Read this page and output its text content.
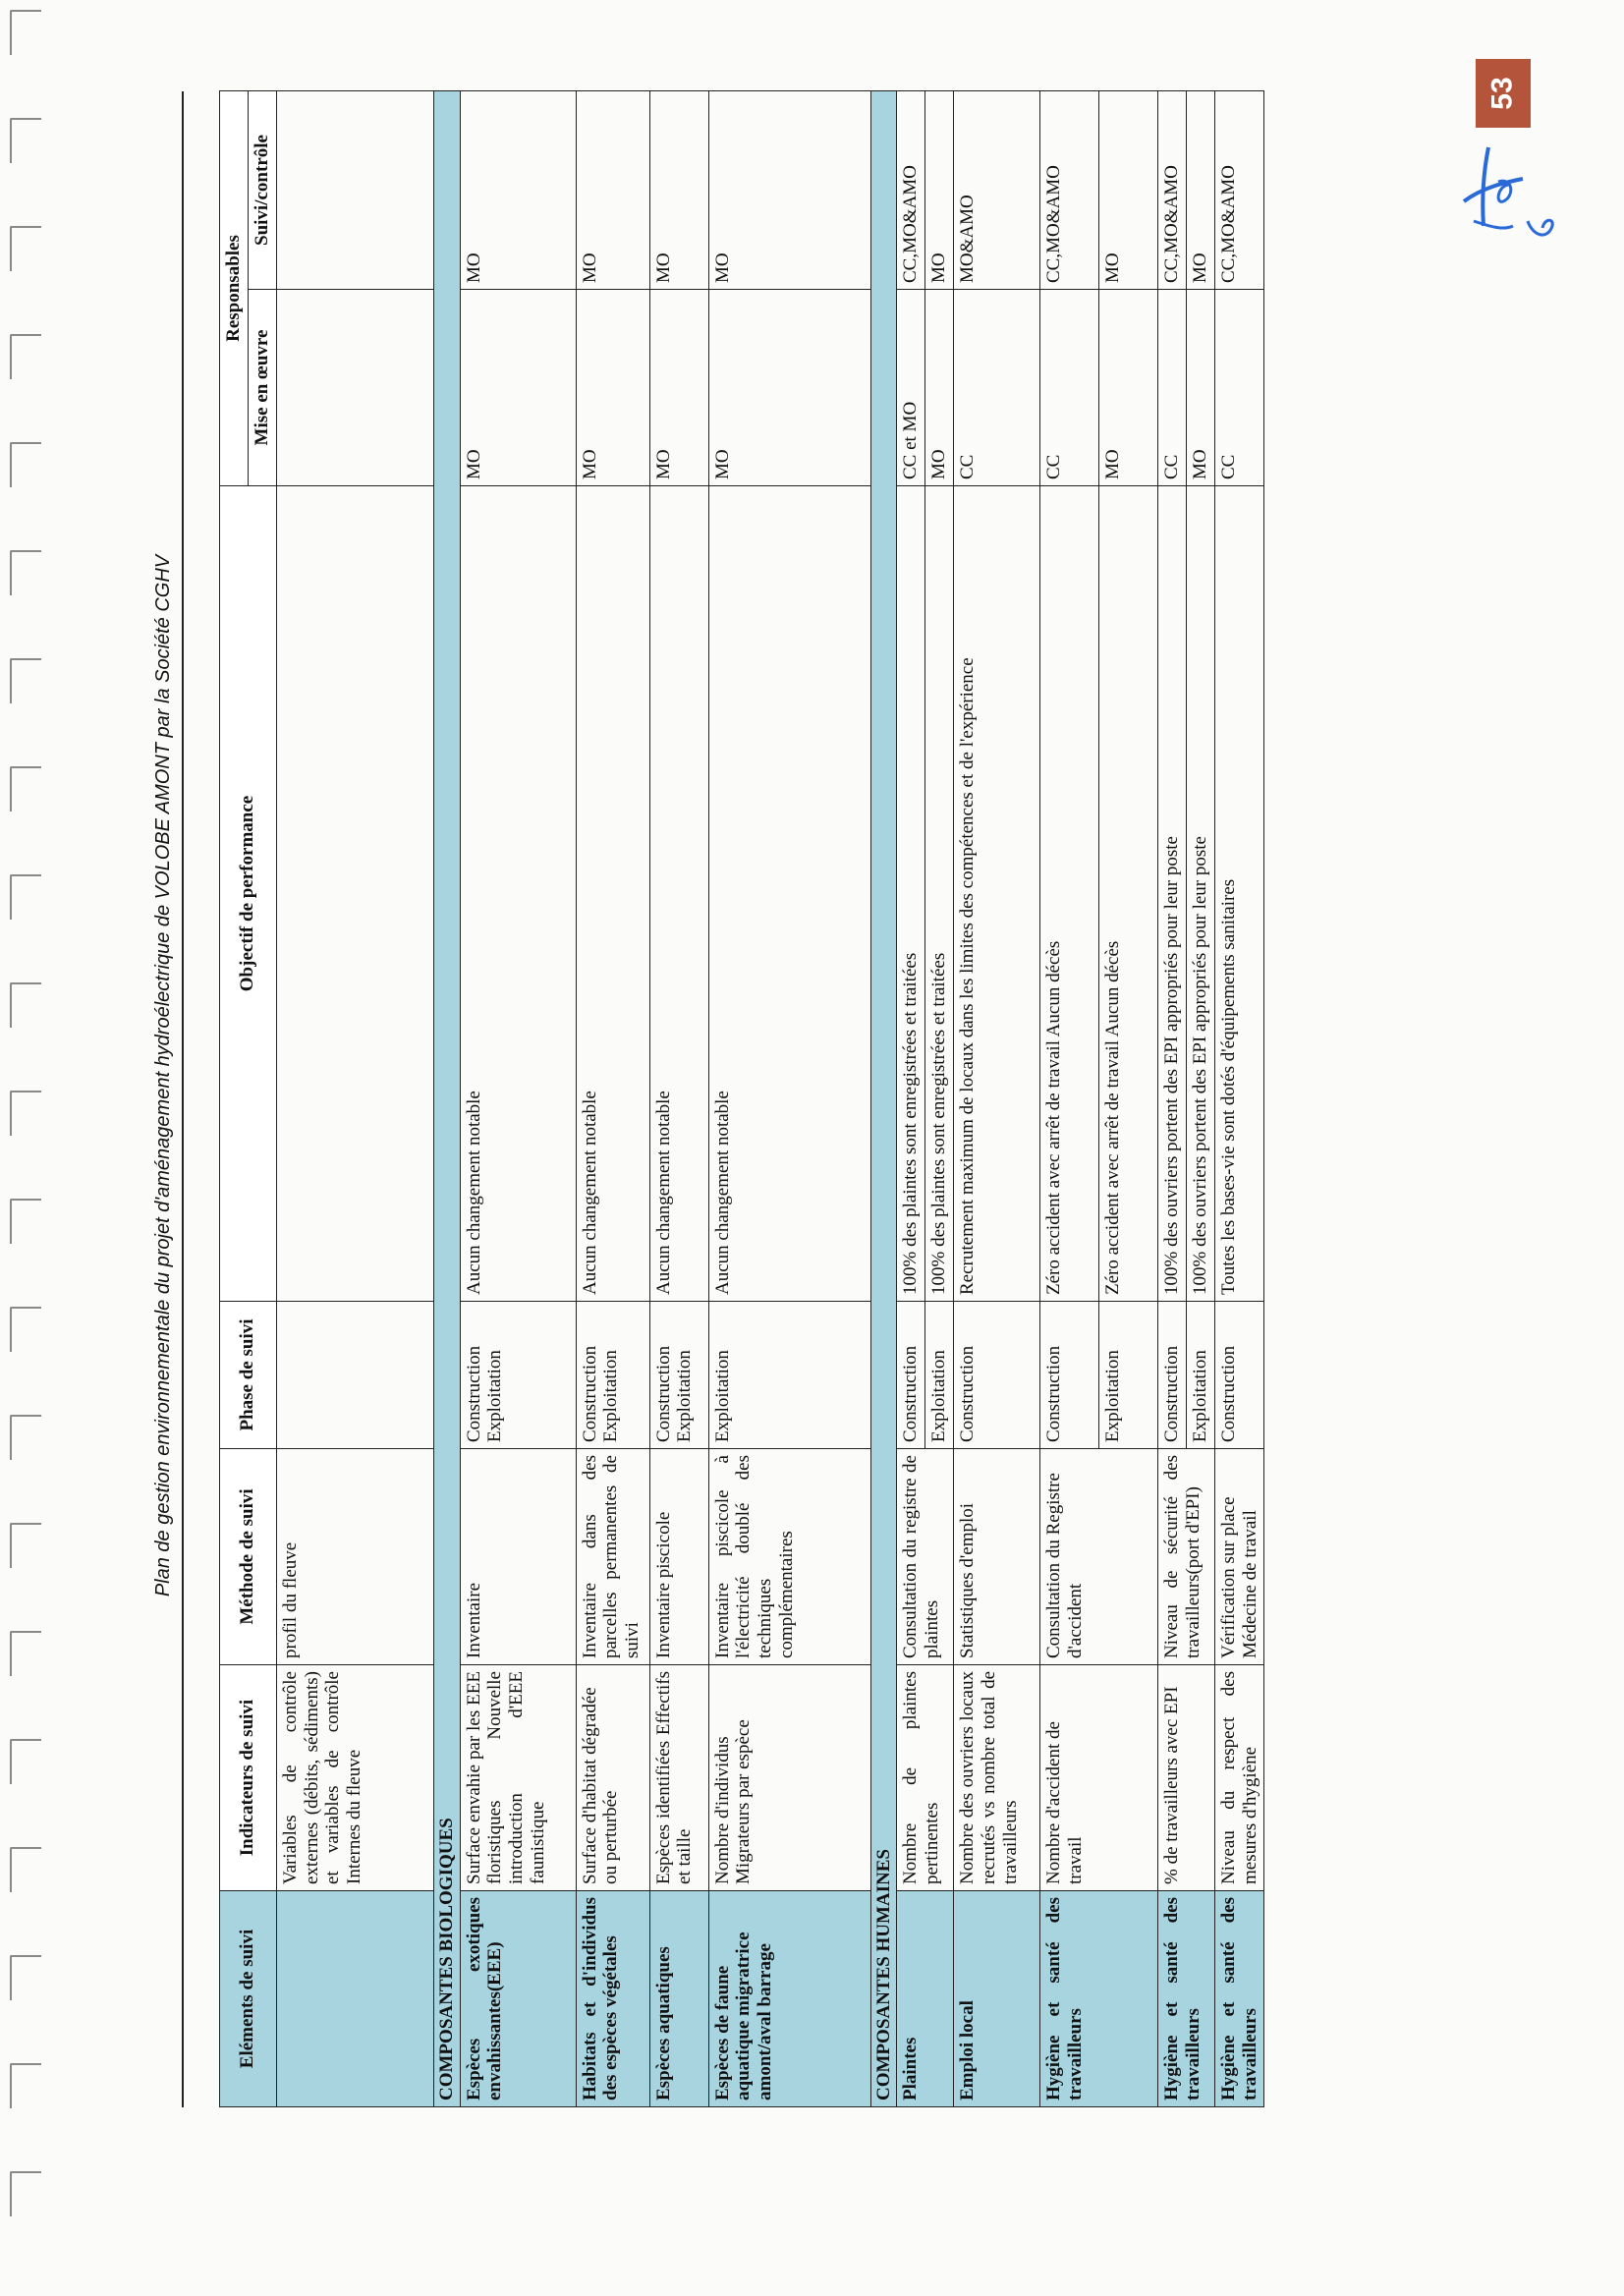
53
Plan de gestion environnementale du projet d'aménagement hydroélectrique de VOLOBE AMONT par la Société CGHV
Eléments de suivi	Indicateurs de suivi	Méthode de suivi	Phase de suivi	Objectif de performance	Responsables	
					Mise en œuvre	Suivi/contrôle
	Variables de contrôle externes (débits, sédiments) et variables de contrôle Internes du fleuve	profil du fleuve				
COMPOSANTES BIOLOGIQUES						
Espèces exotiques envahissantes(EEE)	Surface envahie par les EEE floristiques Nouvelle introduction d'EEE faunistique	Inventaire	Construction Exploitation	Aucun changement notable	MO	MO
Habitats et d'individus des espèces végétales	Surface d'habitat dégradée ou perturbée	Inventaire dans des parcelles permanentes de suivi	Construction Exploitation	Aucun changement notable	MO	MO
Espèces aquatiques	Espèces identifiées Effectifs et taille	Inventaire piscicole	Construction Exploitation	Aucun changement notable	MO	MO
Espèces de faune aquatique migratrice amont/aval barrage	Nombre d'individus Migrateurs par espèce	Inventaire piscicole à l'électricité doublé des techniques complémentaires	Exploitation	Aucun changement notable	MO	MO
COMPOSANTES HUMAINES						
Plaintes	Nombre de plaintes pertinentes	Consultation du registre de plaintes	Construction	100% des plaintes sont enregistrées et traitées	CC et MO	CC,MO&AMO
			Exploitation	100% des plaintes sont enregistrées et traitées	MO	MO
Emploi local	Nombre des ouvriers locaux recrutés vs nombre total de travailleurs	Statistiques d'emploi	Construction	Recrutement maximum de locaux dans les limites des compétences et de l'expérience	CC	MO&AMO
Hygiène et santé des travailleurs	Nombre d'accident de travail	Consultation du Registre d'accident	Construction	Zéro accident avec arrêt de travail Aucun décès	CC	CC,MO&AMO
			Exploitation	Zéro accident avec arrêt de travail Aucun décès	MO	MO
Hygiène et santé des travailleurs	% de travailleurs avec EPI	Niveau de sécurité des travailleurs(port d'EPI)	Construction	100% des ouvriers portent des EPI appropriés pour leur poste	CC	CC,MO&AMO
			Exploitation	100% des ouvriers portent des EPI appropriés pour leur poste	MO	MO
Hygiène et santé des travailleurs	Niveau du respect des mesures d'hygiène	Vérification sur place Médecine de travail	Construction	Toutes les bases-vie sont dotés d'équipements sanitaires	CC	CC,MO&AMO
